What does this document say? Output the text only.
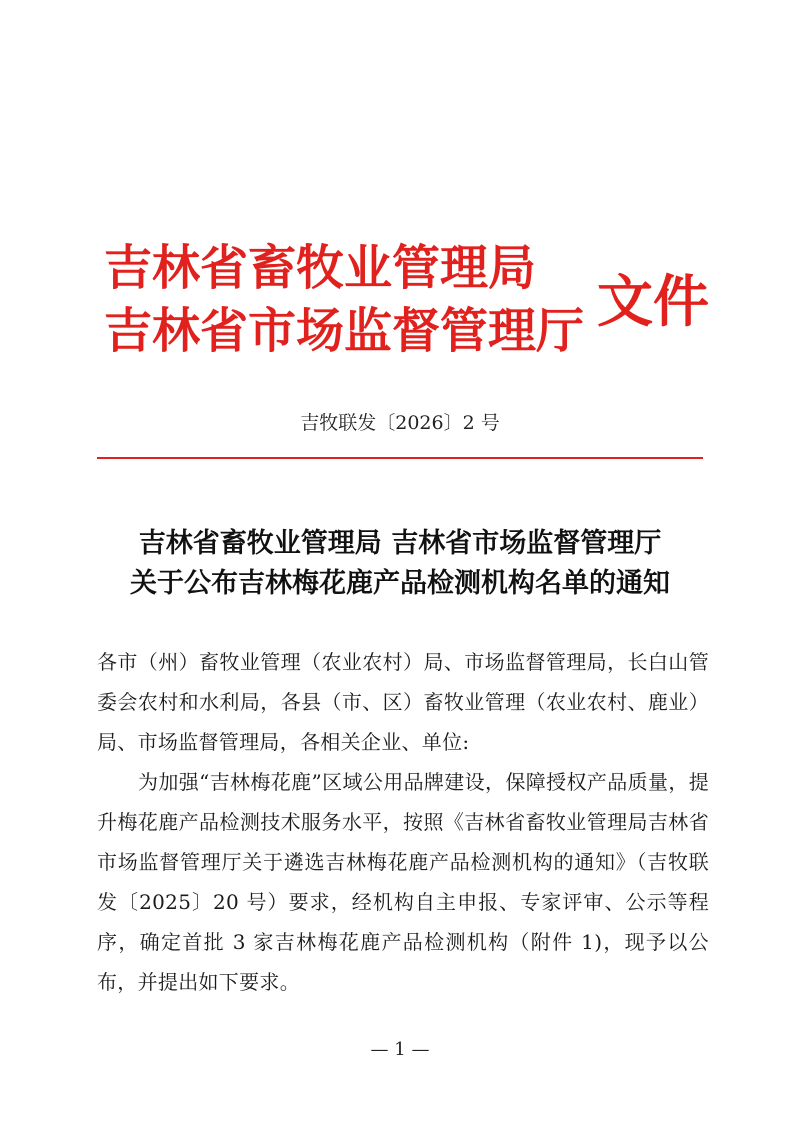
吉林省畜牧业管理局
吉林省市场监督管理厅 文件
吉牧联发〔2026〕2 号
吉林省畜牧业管理局 吉林省市场监督管理厅
关于公布吉林梅花鹿产品检测机构名单的通知

各市（州）畜牧业管理（农业农村）局、市场监督管理局，长白山管委会农村和水利局，各县（市、区）畜牧业管理（农业农村、鹿业）局、市场监督管理局，各相关企业、单位:

为加强“吉林梅花鹿”区域公用品牌建设，保障授权产品质量，提升梅花鹿产品检测技术服务水平，按照《吉林省畜牧业管理局吉林省市场监督管理厅关于遴选吉林梅花鹿产品检测机构的通知》（吉牧联发〔2025〕20 号）要求，经机构自主申报、专家评审、公示等程序，确定首批 3 家吉林梅花鹿产品检测机构（附件 1)，现予以公布，并提出如下要求。

— 1 —
